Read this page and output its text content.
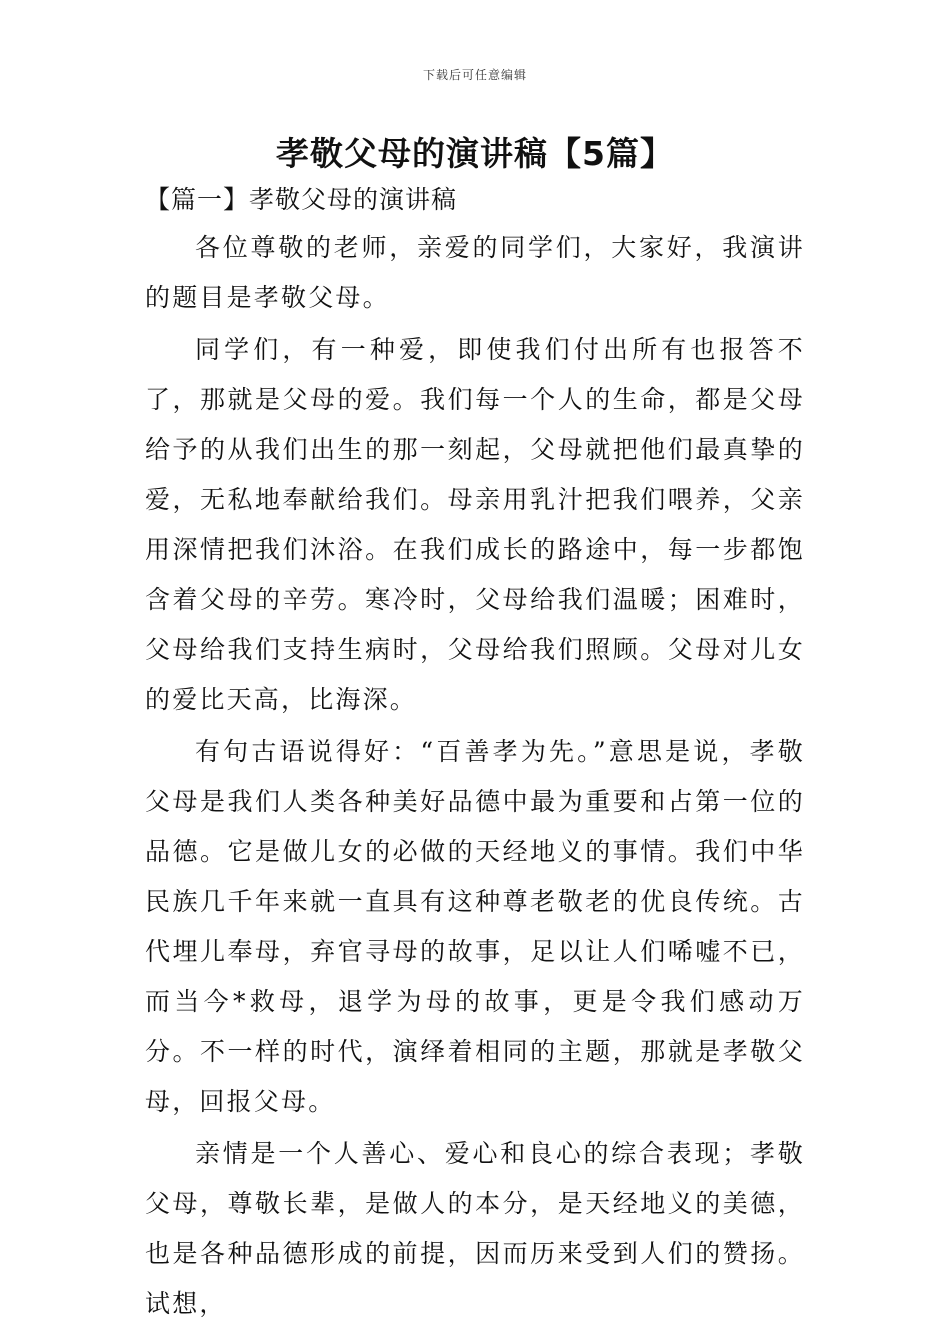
下载后可任意编辑
孝敬父母的演讲稿【5篇】
【篇一】孝敬父母的演讲稿

各位尊敬的老师，亲爱的同学们，大家好，我演讲的题目是孝敬父母。

同学们，有一种爱，即使我们付出所有也报答不了，那就是父母的爱。我们每一个人的生命，都是父母给予的从我们出生的那一刻起，父母就把他们最真挚的爱，无私地奉献给我们。母亲用乳汁把我们喂养，父亲用深情把我们沐浴。在我们成长的路途中，每一步都饱含着父母的辛劳。寒冷时，父母给我们温暖；困难时，父母给我们支持生病时，父母给我们照顾。父母对儿女的爱比天高，比海深。

有句古语说得好：“百善孝为先。”意思是说，孝敬父母是我们人类各种美好品德中最为重要和占第一位的品德。它是做儿女的必做的天经地义的事情。我们中华民族几千年来就一直具有这种尊老敬老的优良传统。古代埋儿奉母，弃官寻母的故事，足以让人们唏嘘不已，而当今*救母，退学为母的故事，更是令我们感动万分。不一样的时代，演绎着相同的主题，那就是孝敬父母，回报父母。

亲情是一个人善心、爱心和良心的综合表现；孝敬父母，尊敬长辈，是做人的本分，是天经地义的美德，也是各种品德形成的前提，因而历来受到人们的赞扬。试想，
